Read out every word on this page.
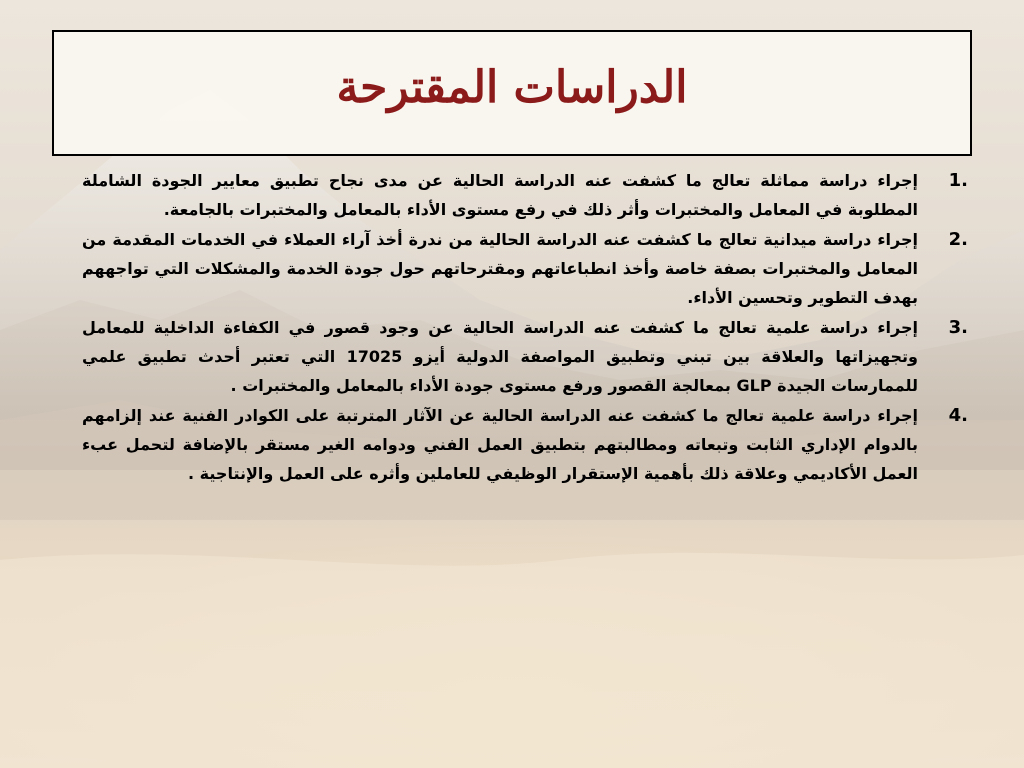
الدراسات المقترحة
1.
إجراء دراسة مماثلة تعالج ما كشفت عنه الدراسة الحالية عن مدى نجاح تطبيق معايير الجودة الشاملة المطلوبة في المعامل والمختبرات وأثر ذلك في رفع مستوى الأداء بالمعامل والمختبرات بالجامعة.
2.
إجراء دراسة ميدانية تعالج ما كشفت عنه الدراسة الحالية من ندرة أخذ آراء العملاء في الخدمات المقدمة من المعامل والمختبرات بصفة خاصة وأخذ انطباعاتهم ومقترحاتهم حول جودة الخدمة والمشكلات التي تواجههم بهدف التطوير وتحسين الأداء.
3.
إجراء دراسة علمية تعالج ما كشفت عنه الدراسة الحالية عن وجود قصور في الكفاءة الداخلية للمعامل وتجهيزاتها والعلاقة بين تبني وتطبيق المواصفة الدولية أيزو 17025 التي تعتبر أحدث تطبيق علمي للممارسات الجيدة GLP بمعالجة القصور ورفع مستوى جودة الأداء بالمعامل والمختبرات .
4.
إجراء دراسة علمية تعالج ما كشفت عنه الدراسة الحالية عن الآثار المترتبة على الكوادر الفنية عند إلزامهم بالدوام الإداري الثابت وتبعاته ومطالبتهم بتطبيق العمل الفني ودوامه الغير مستقر بالإضافة لتحمل عبء العمل الأكاديمي وعلاقة ذلك بأهمية الإستقرار الوظيفي للعاملين وأثره على العمل والإنتاجية .
